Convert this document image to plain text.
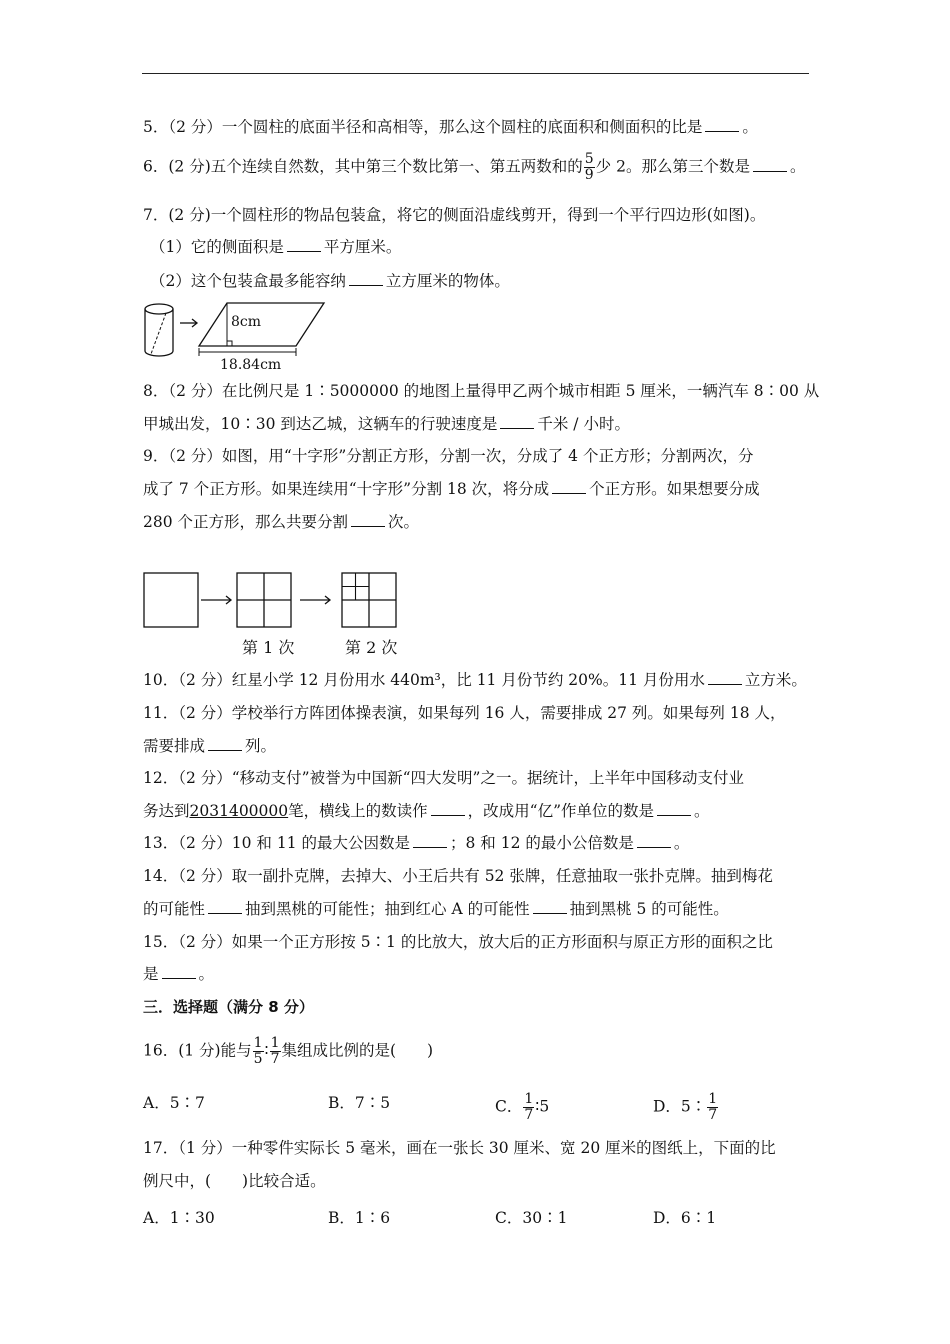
5．（2 分）一个圆柱的底面半径和高相等，那么这个圆柱的底面积和侧面积的比是	。
6．(2 分)五个连续自然数，其中第三个数比第一、第五两数和的 $\frac{5}{9}$ 少 2。那么第三个数是	。
7．(2 分)一个圆柱形的物品包装盒，将它的侧面沿虚线剪开，得到一个平行四边形(如图)。
（1）它的侧面积是	平方厘米。
（2）这个包装盒最多能容纳	立方厘米的物体。
8cm
18.84cm
8．（2 分）在比例尺是 1∶5000000 的地图上量得甲乙两个城市相距 5 厘米，一辆汽车 8∶00 从
甲城出发，10∶30 到达乙城，这辆车的行驶速度是	千米 / 小时。
9．（2 分）如图，用“十字形”分割正方形，分割一次，分成了 4 个正方形；分割两次，分
成了 7 个正方形。如果连续用“十字形”分割 18 次，将分成	个正方形。如果想要分成
280 个正方形，那么共要分割	次。
第 1 次	第 2 次
10．（2 分）红星小学 12 月份用水 440m³，比 11 月份节约 20%。11 月份用水	立方米。
11．（2 分）学校举行方阵团体操表演，如果每列 16 人，需要排成 27 列。如果每列 18 人，
需要排成	列。
12．（2 分）“移动支付”被誉为中国新“四大发明”之一。据统计，上半年中国移动支付业
务达到2031400000笔，横线上的数读作	，改成用“亿”作单位的数是	。
13．（2 分）10 和 11 的最大公因数是	；8 和 12 的最小公倍数是	。
14．（2 分）取一副扑克牌，去掉大、小王后共有 52 张牌，任意抽取一张扑克牌。抽到梅花
的可能性	抽到黑桃的可能性；抽到红心 A 的可能性	抽到黑桃 5 的可能性。
15．（2 分）如果一个正方形按 5∶1 的比放大，放大后的正方形面积与原正方形的面积之比
是	。
三．选择题（满分 8 分）
16．(1 分)能与 $\frac{1}{5}$ ∶ $\frac{1}{7}$ 集组成比例的是(　　)
A．5∶7	B．7∶5	C． $\frac{1}{7}$ ∶5	D．5∶ $\frac{1}{7}$
17．（1 分）一种零件实际长 5 毫米，画在一张长 30 厘米、宽 20 厘米的图纸上，下面的比
例尺中，(　　)比较合适。
A．1∶30	B．1∶6	C．30∶1	D．6∶1
